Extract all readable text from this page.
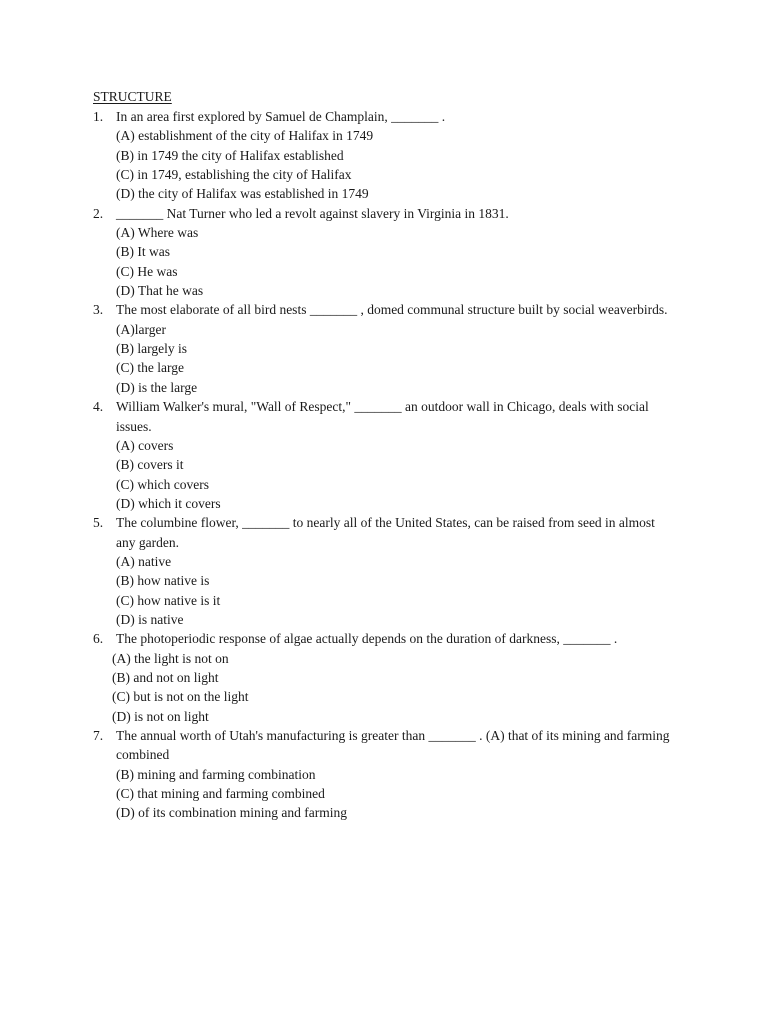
STRUCTURE
1. In an area first explored by Samuel de Champlain, _______ .
(A) establishment of the city of Halifax in 1749
(B) in 1749 the city of Halifax established
(C) in 1749, establishing the city of Halifax
(D) the city of Halifax was established in 1749
2. _______ Nat Turner who led a revolt against slavery in Virginia in 1831.
(A) Where was
(B) It was
(C) He was
(D) That he was
3. The most elaborate of all bird nests _______ , domed communal structure built by social weaverbirds.
(A)larger
(B) largely is
(C) the large
(D) is the large
4. William Walker's mural, "Wall of Respect," _______ an outdoor wall in Chicago, deals with social issues.
(A) covers
(B) covers it
(C) which covers
(D) which it covers
5. The columbine flower, _______ to nearly all of the United States, can be raised from seed in almost any garden.
(A) native
(B) how native is
(C) how native is it
(D) is native
6. The photoperiodic response of algae actually depends on the duration of darkness, _______ .
(A) the light is not on
(B) and not on light
(C) but is not on the light
(D) is not on light
7. The annual worth of Utah's manufacturing is greater than _______ . (A) that of its mining and farming combined
(B) mining and farming combination
(C) that mining and farming combined
(D) of its combination mining and farming
